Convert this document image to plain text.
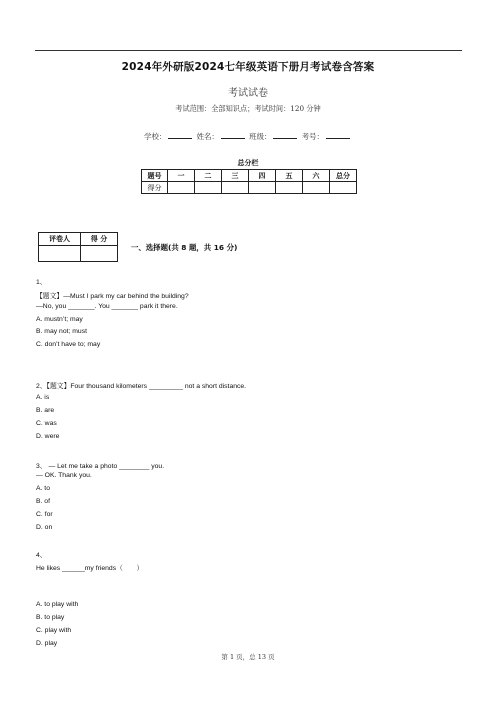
2024年外研版2024七年级英语下册月考试卷含答案
考试试卷
考试范围：全部知识点；考试时间：120 分钟
学校：	姓名：	班级：	考号：
总分栏
题号	一	二	三	四	五	六	总分
得分							
评卷人	得 分

一、选择题(共 8 题，共 16 分)
1、
【题文】—Must I park my car behind the building?
—No, you _______. You _______ park it there.
A. mustn’t; may
B. may not; must
C. don’t have to; may
2、【题文】Four thousand kilometers _________ not a short distance.
A. is
B. are
C. was
D. were
3、 — Let me take a photo ________ you.
— OK. Thank you.
A. to
B. of
C. for
D. on
4、
He likes ______my friends（　　）
A. to play with
B. to play
C. play with
D. play
第 1 页，总 13 页
